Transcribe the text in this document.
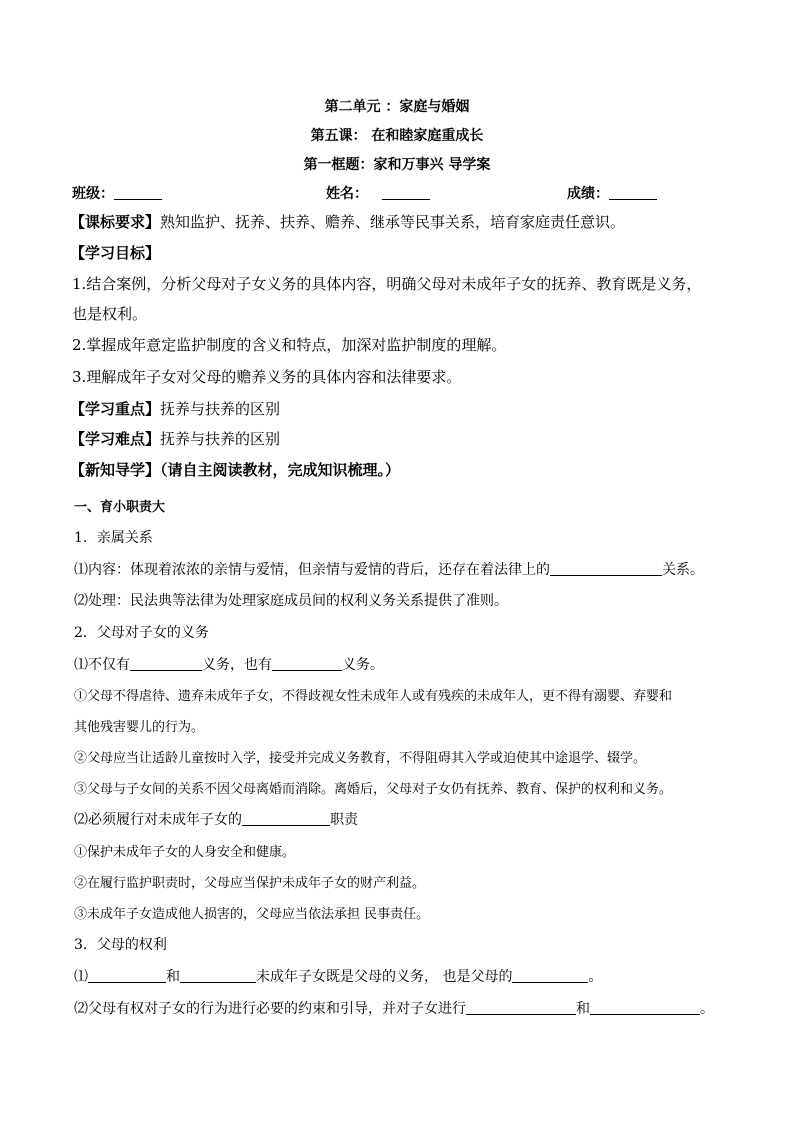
第二单元 ：家庭与婚姻
第五课： 在和睦家庭重成长
第一框题：家和万事兴 导学案
班级：	姓名：	成绩：
【课标要求】熟知监护、抚养、扶养、赡养、继承等民事关系，培育家庭责任意识。
【学习目标】
1.结合案例，分析父母对子女义务的具体内容，明确父母对未成年子女的抚养、教育既是义务，
也是权利。
2.掌握成年意定监护制度的含义和特点，加深对监护制度的理解。
3.理解成年子女对父母的赡养义务的具体内容和法律要求。
【学习重点】抚养与扶养的区别
【学习难点】抚养与扶养的区别
【新知导学】（请自主阅读教材，完成知识梳理。）
一、育小职责大
1．亲属关系
⑴内容：体现着浓浓的亲情与爱情，但亲情与爱情的背后，还存在着法律上的	关系。
⑵处理：民法典等法律为处理家庭成员间的权利义务关系提供了准则。
2．父母对子女的义务
⑴不仅有	义务，也有	义务。
①父母不得虐待、遗弃未成年子女，不得歧视女性未成年人或有残疾的未成年人，更不得有溺婴、弃婴和
其他残害婴儿的行为。
②父母应当让适龄儿童按时入学，接受并完成义务教育，不得阻碍其入学或迫使其中途退学、辍学。
③父母与子女间的关系不因父母离婚而消除。离婚后，父母对子女仍有抚养、教育、保护的权利和义务。
⑵必须履行对未成年子女的	职责
①保护未成年子女的人身安全和健康。
②在履行监护职责时，父母应当保护未成年子女的财产利益。
③未成年子女造成他人损害的，父母应当依法承担 民事责任。
3．父母的权利
⑴	和	未成年子女既是父母的义务， 也是父母的	。
⑵父母有权对子女的行为进行必要的约束和引导，并对子女进行	和	。
